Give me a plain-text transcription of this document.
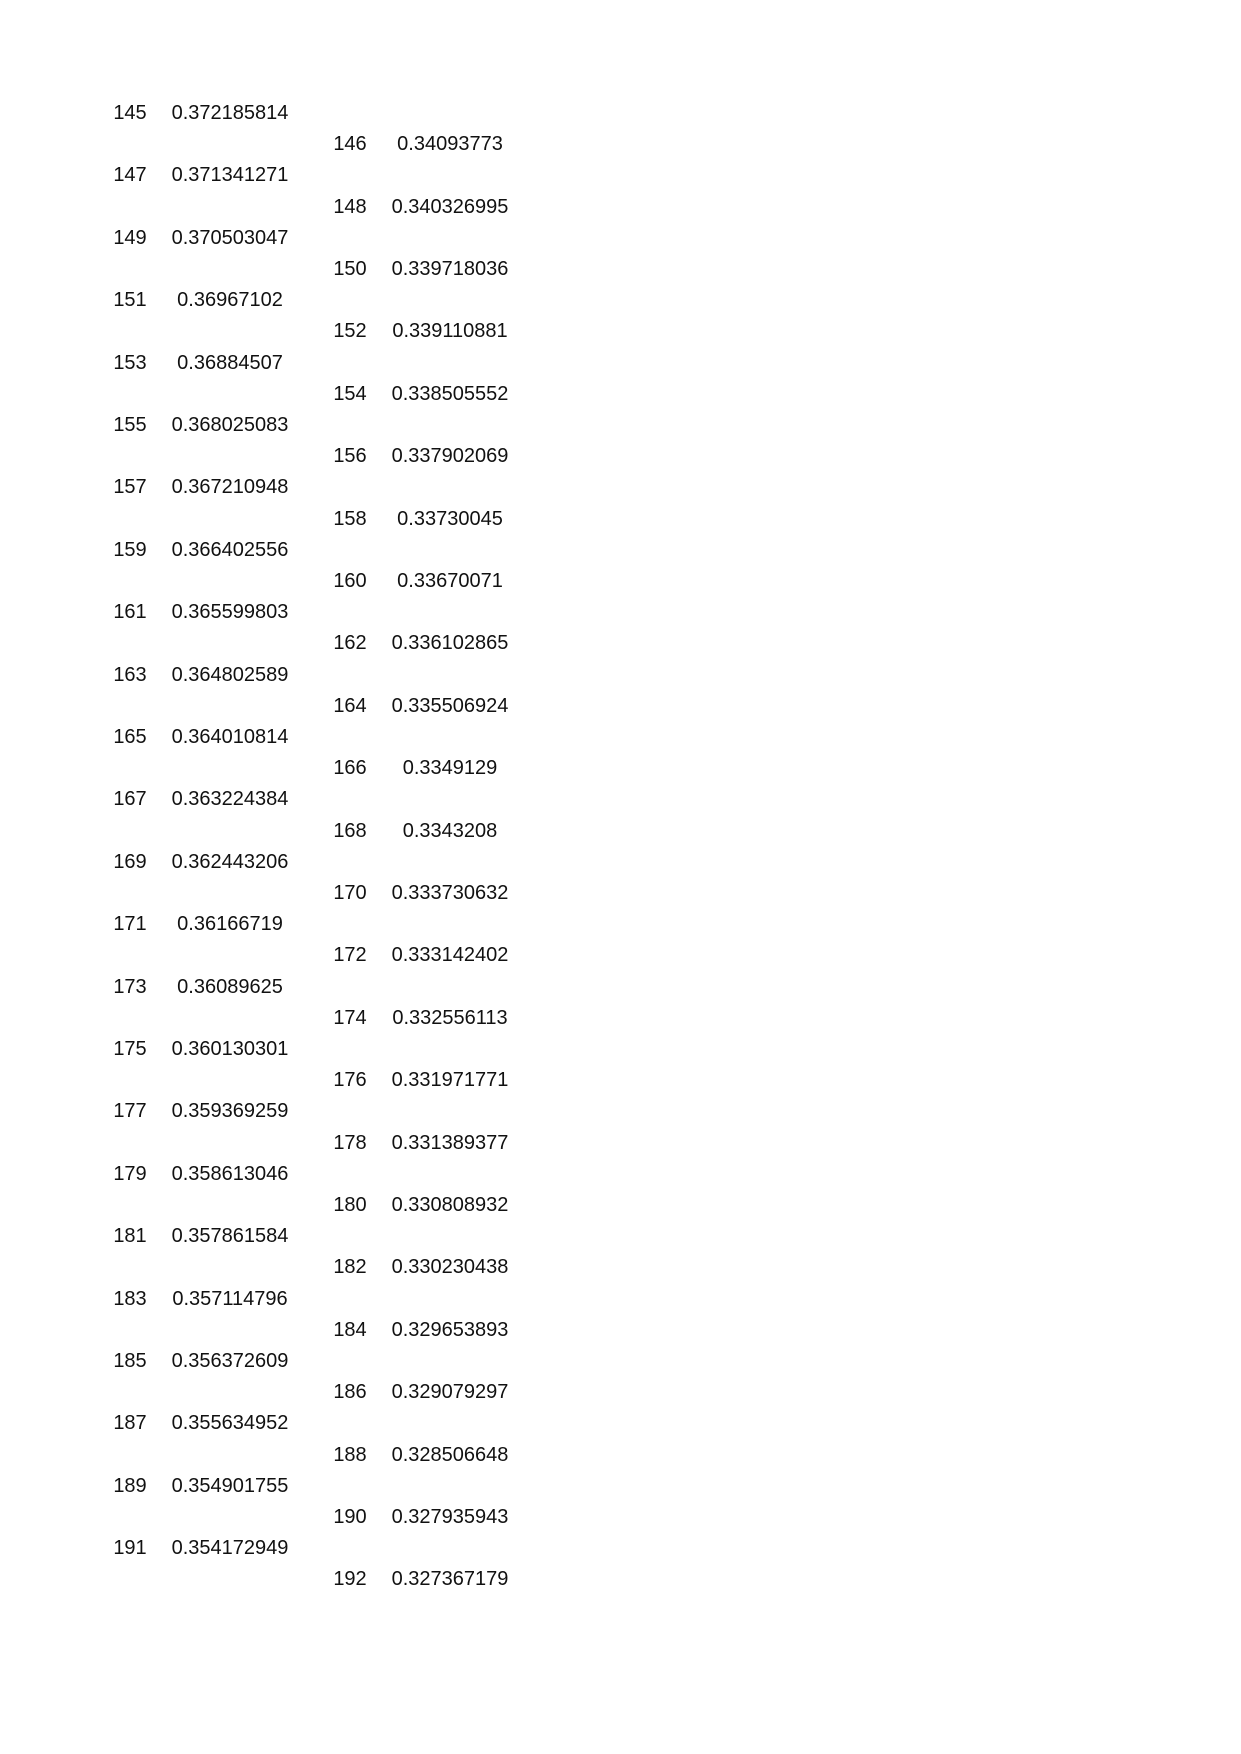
145	0.372185814
146	0.34093773
147	0.371341271
148	0.340326995
149	0.370503047
150	0.339718036
151	0.36967102
152	0.339110881
153	0.36884507
154	0.338505552
155	0.368025083
156	0.337902069
157	0.367210948
158	0.33730045
159	0.366402556
160	0.33670071
161	0.365599803
162	0.336102865
163	0.364802589
164	0.335506924
165	0.364010814
166	0.3349129
167	0.363224384
168	0.3343208
169	0.362443206
170	0.333730632
171	0.36166719
172	0.333142402
173	0.36089625
174	0.332556113
175	0.360130301
176	0.331971771
177	0.359369259
178	0.331389377
179	0.358613046
180	0.330808932
181	0.357861584
182	0.330230438
183	0.357114796
184	0.329653893
185	0.356372609
186	0.329079297
187	0.355634952
188	0.328506648
189	0.354901755
190	0.327935943
191	0.354172949
192	0.327367179
